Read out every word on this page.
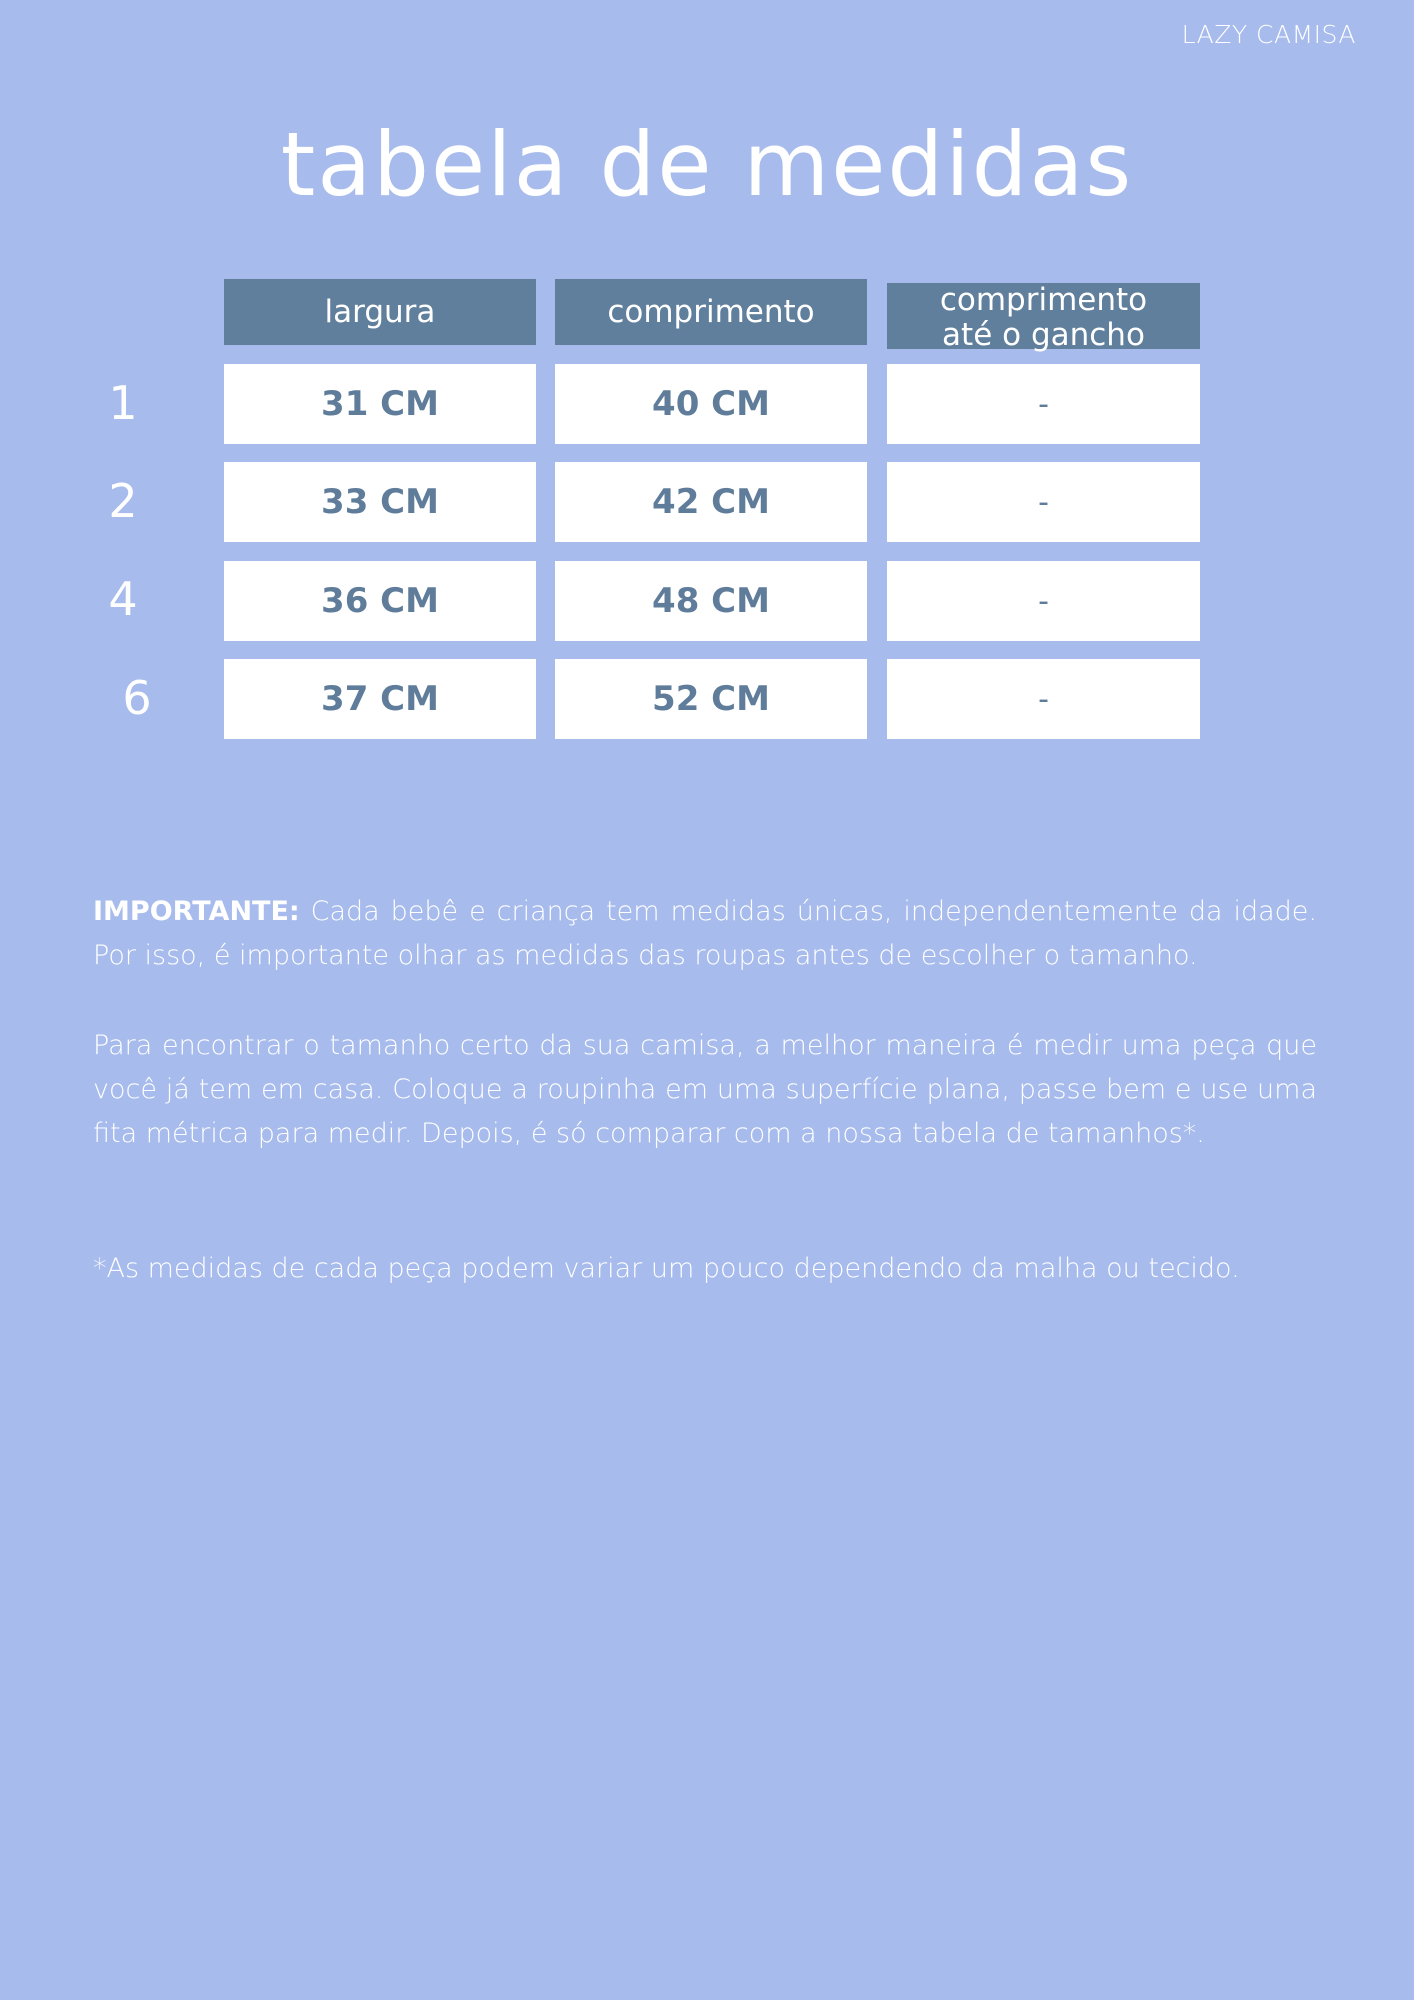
LAZY CAMISA
tabela de medidas
largura	comprimento	comprimento
até o gancho
1	31 CM	40 CM	-
2	33 CM	42 CM	-
4	36 CM	48 CM	-
6	37 CM	52 CM	-
IMPORTANTE: Cada bebê e criança tem medidas únicas, independentemente da idade. Por isso, é importante olhar as medidas das roupas antes de escolher o tamanho.
Para encontrar o tamanho certo da sua camisa, a melhor maneira é medir uma peça que você já tem em casa. Coloque a roupinha em uma superfície plana, passe bem e use uma fita métrica para medir. Depois, é só comparar com a nossa tabela de tamanhos*.
*As medidas de cada peça podem variar um pouco dependendo da malha ou tecido.
